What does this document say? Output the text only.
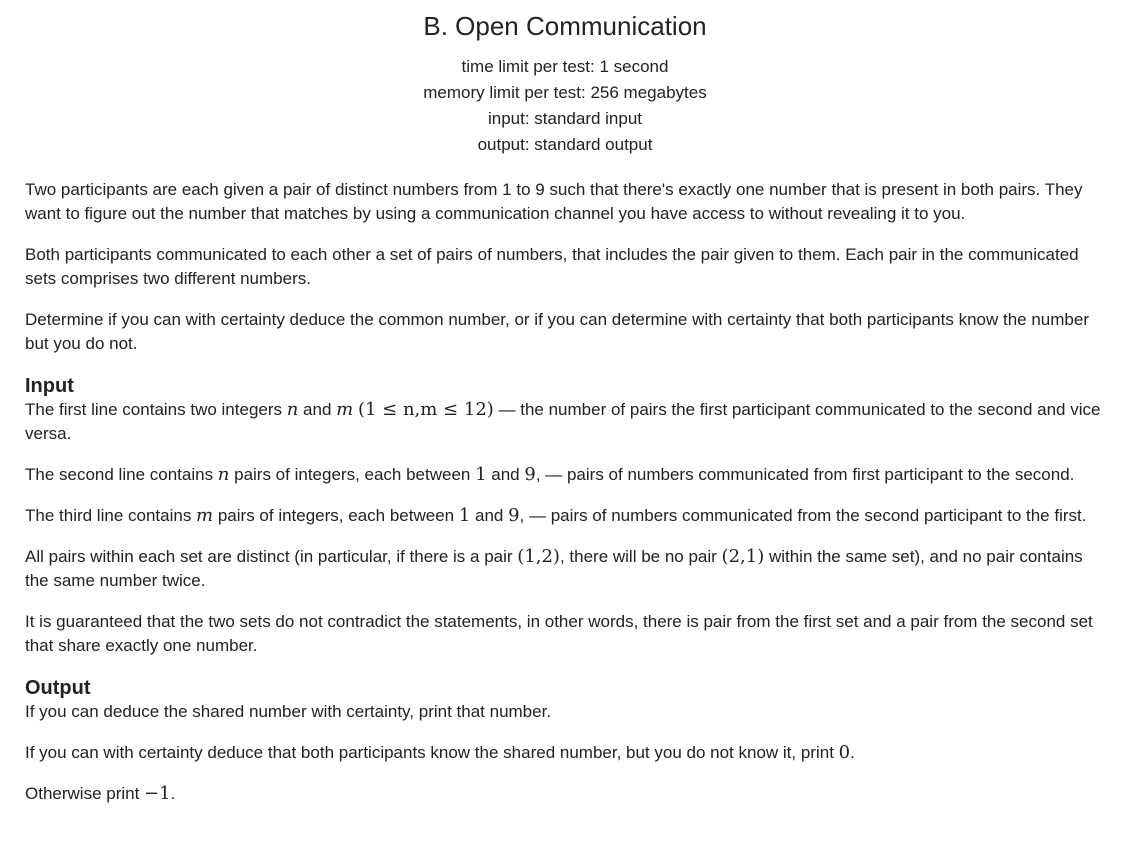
B. Open Communication
time limit per test: 1 second
memory limit per test: 256 megabytes
input: standard input
output: standard output

Two participants are each given a pair of distinct numbers from 1 to 9 such that there's exactly one number that is present in both pairs. They want to figure out the number that matches by using a communication channel you have access to without revealing it to you.

Both participants communicated to each other a set of pairs of numbers, that includes the pair given to them. Each pair in the communicated sets comprises two different numbers.

Determine if you can with certainty deduce the common number, or if you can determine with certainty that both participants know the number but you do not.

Input

The first line contains two integers n and m (1 ≤ n,m ≤ 12) — the number of pairs the first participant communicated to the second and vice versa.

The second line contains n pairs of integers, each between 1 and 9, — pairs of numbers communicated from first participant to the second.

The third line contains m pairs of integers, each between 1 and 9, — pairs of numbers communicated from the second participant to the first.

All pairs within each set are distinct (in particular, if there is a pair (1,2), there will be no pair (2,1) within the same set), and no pair contains the same number twice.

It is guaranteed that the two sets do not contradict the statements, in other words, there is pair from the first set and a pair from the second set that share exactly one number.

Output

If you can deduce the shared number with certainty, print that number.

If you can with certainty deduce that both participants know the shared number, but you do not know it, print 0.

Otherwise print −1.
